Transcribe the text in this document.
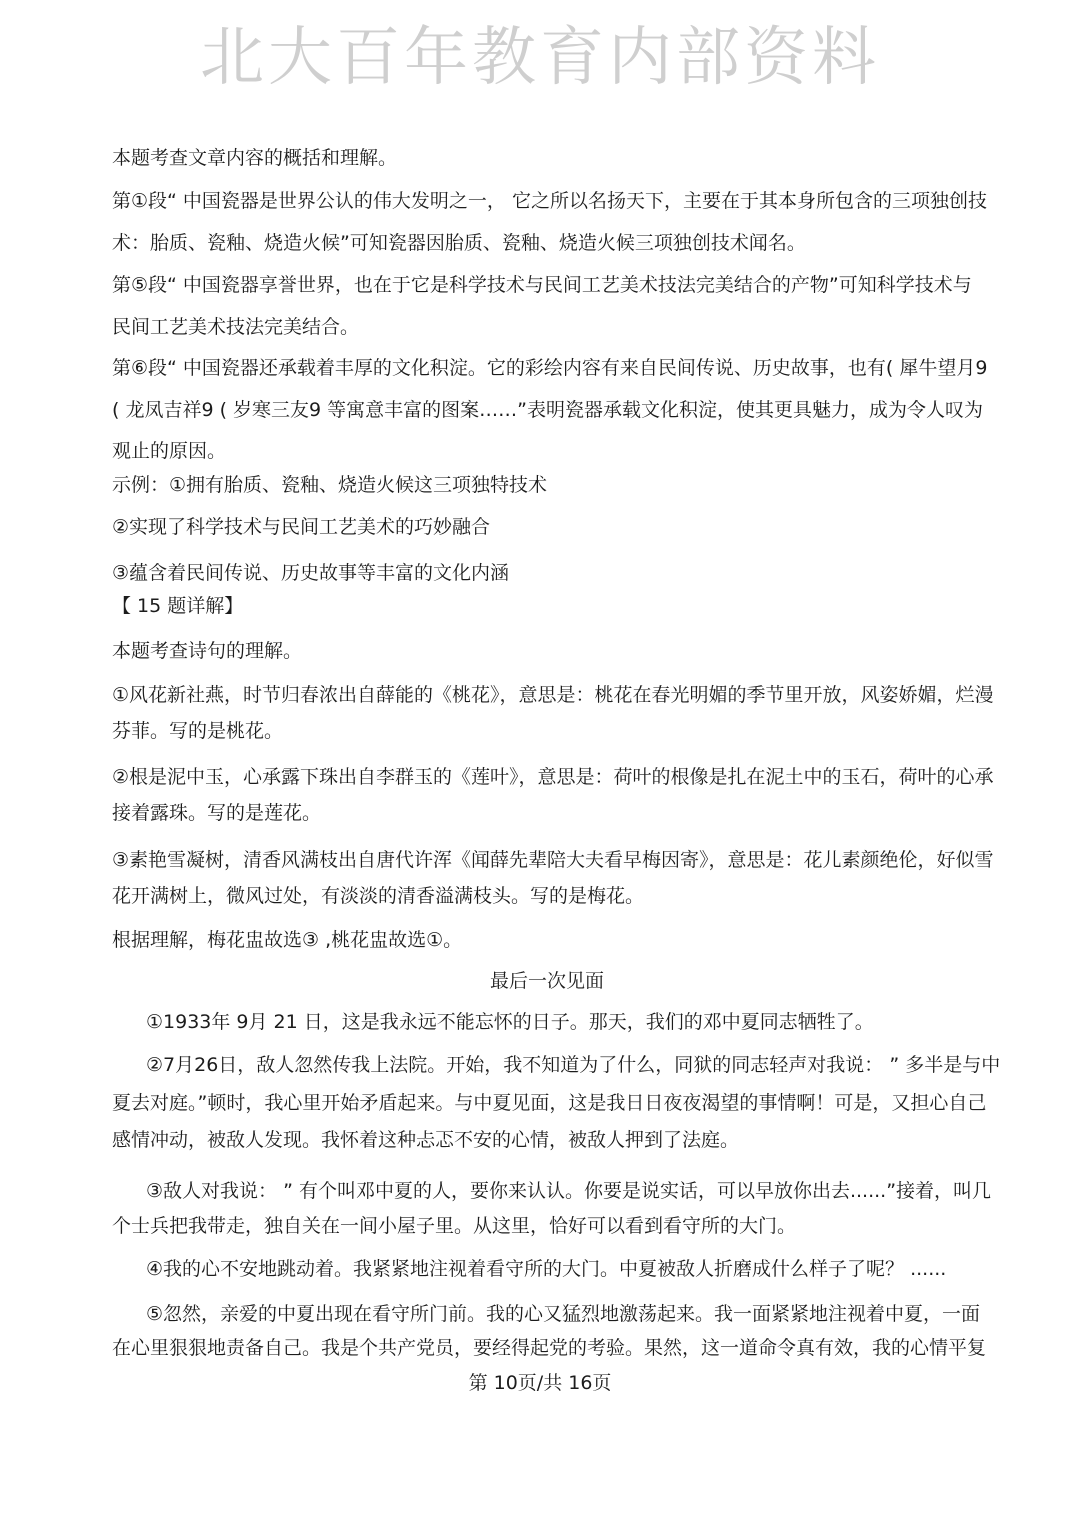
北大百年教育内部资料
本题考查文章内容的概括和理解。
第①段“ 中国瓷器是世界公认的伟大发明之一， 它之所以名扬天下，主要在于其本身所包含的三项独创技
术：胎质、瓷釉、烧造火候”可知瓷器因胎质、瓷釉、烧造火候三项独创技术闻名。
第⑤段“ 中国瓷器享誉世界，也在于它是科学技术与民间工艺美术技法完美结合的产物”可知科学技术与
民间工艺美术技法完美结合。
第⑥段“ 中国瓷器还承载着丰厚的文化积淀。它的彩绘内容有来自民间传说、历史故事，也有( 犀牛望月9
( 龙凤吉祥9 ( 岁寒三友9 等寓意丰富的图案……”表明瓷器承载文化积淀，使其更具魅力，成为令人叹为
观止的原因。
示例：①拥有胎质、瓷釉、烧造火候这三项独特技术
②实现了科学技术与民间工艺美术的巧妙融合
③蕴含着民间传说、历史故事等丰富的文化内涵
【 15 题详解】
本题考查诗句的理解。
①风花新社燕，时节归春浓出自薛能的《桃花》，意思是：桃花在春光明媚的季节里开放，风姿娇媚，烂漫
芬菲。写的是桃花。
②根是泥中玉，心承露下珠出自李群玉的《莲叶》，意思是：荷叶的根像是扎在泥土中的玉石，荷叶的心承
接着露珠。写的是莲花。
③素艳雪凝树，清香风满枝出自唐代许浑《闻薛先辈陪大夫看早梅因寄》，意思是：花儿素颜绝伦，好似雪
花开满树上，微风过处，有淡淡的清香溢满枝头。写的是梅花。
根据理解，梅花盅故选③ ,桃花盅故选①。
最后一次见面
①1933年 9月 21 日，这是我永远不能忘怀的日子。那天，我们的邓中夏同志牺牲了。
②7月26日，敌人忽然传我上法院。开始，我不知道为了什么，同狱的同志轻声对我说： ” 多半是与中
夏去对庭。”顿时，我心里开始矛盾起来。与中夏见面，这是我日日夜夜渴望的事情啊！可是，又担心自己
感情冲动，被敌人发现。我怀着这种忐忑不安的心情，被敌人押到了法庭。
③敌人对我说： ” 有个叫邓中夏的人，要你来认认。你要是说实话，可以早放你出去......”接着，叫几
个士兵把我带走，独自关在一间小屋子里。从这里，恰好可以看到看守所的大门。
④我的心不安地跳动着。我紧紧地注视着看守所的大门。中夏被敌人折磨成什么样子了呢？ ......
⑤忽然，亲爱的中夏出现在看守所门前。我的心又猛烈地激荡起来。我一面紧紧地注视着中夏，一面
在心里狠狠地责备自己。我是个共产党员，要经得起党的考验。果然，这一道命令真有效，我的心情平复
第 10页/共 16页
